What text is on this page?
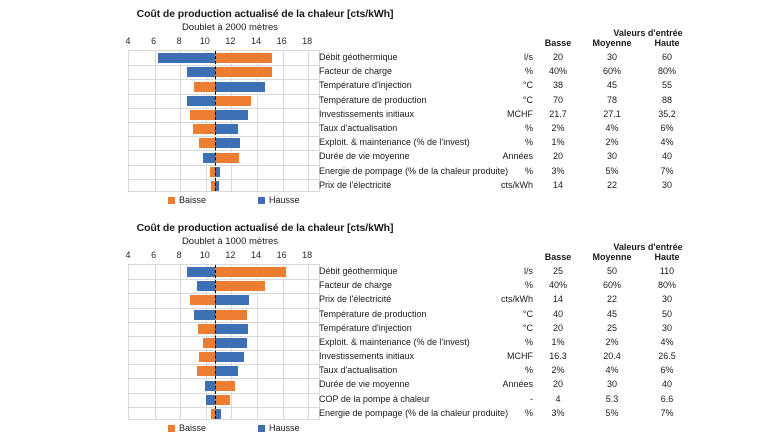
Coût de production actualisé de la chaleur [cts/kWh]
Doublet à 2000 mètres	Valeurs d'entrée
4	6	8	10	12	14	16	18
Baisse	Hausse
Basse	Moyenne	Haute
Débit géothermique	l/s	20	30	60
Facteur de charge	%	40%	60%	80%
Température d'injection	°C	38	45	55
Température de production	°C	70	78	88
Investissements initiaux	MCHF	21.7	27.1	35.2
Taux d'actualisation	%	2%	4%	6%
Exploit. & maintenance (% de l'invest)	%	1%	2%	4%
Durée de vie moyenne	Années	20	30	40
Energie de pompage (% de la chaleur produite)	%	3%	5%	7%
Prix de l'électricité	cts/kWh	14	22	30
Coût de production actualisé de la chaleur [cts/kWh]
Doublet à 1000 mètres	Valeurs d'entrée
4	6	8	10	12	14	16	18
Baisse	Hausse
Basse	Moyenne	Haute
Débit géothermique	l/s	25	50	110
Facteur de charge	%	40%	60%	80%
Prix de l'électricité	cts/kWh	14	22	30
Température de production	°C	40	45	50
Température d'injection	°C	20	25	30
Exploit. & maintenance (% de l'invest)	%	1%	2%	4%
Investissements initiaux	MCHF	16.3	20.4	26.5
Taux d'actualisation	%	2%	4%	6%
Durée de vie moyenne	Années	20	30	40
COP de la pompe à chaleur	-	4	5.3	6.6
Energie de pompage (% de la chaleur produite)	%	3%	5%	7%
